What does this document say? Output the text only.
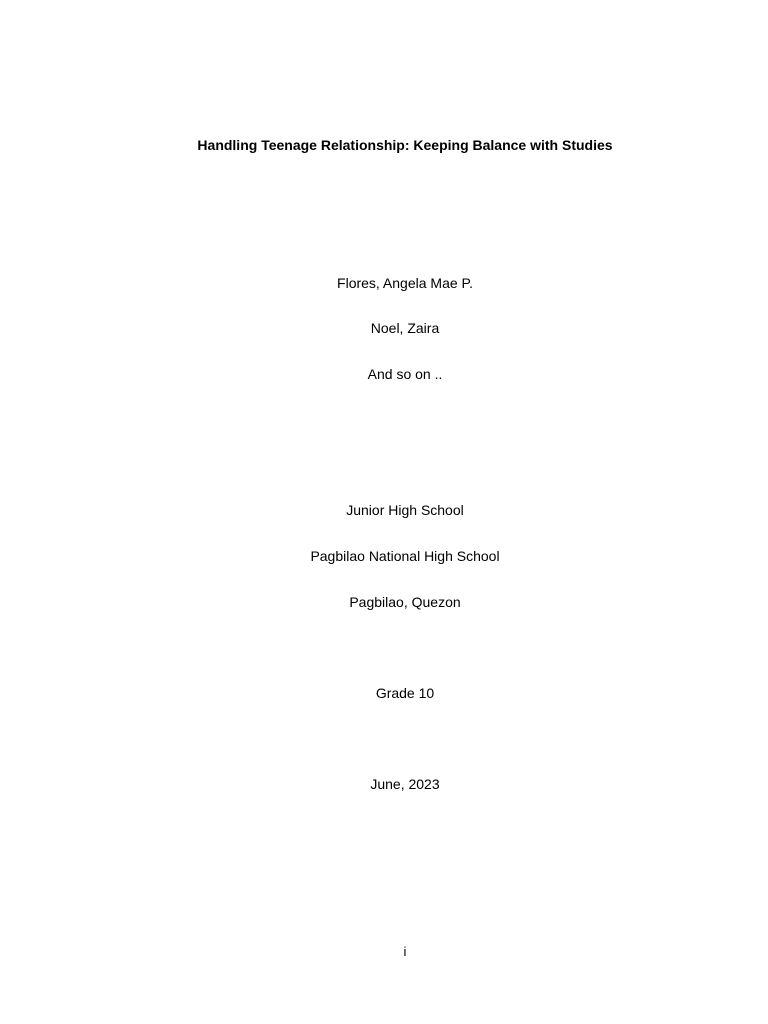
Handling Teenage Relationship: Keeping Balance with Studies
Flores, Angela Mae P.
Noel, Zaira
And so on ..
Junior High School
Pagbilao National High School
Pagbilao, Quezon
Grade 10
June, 2023
i
